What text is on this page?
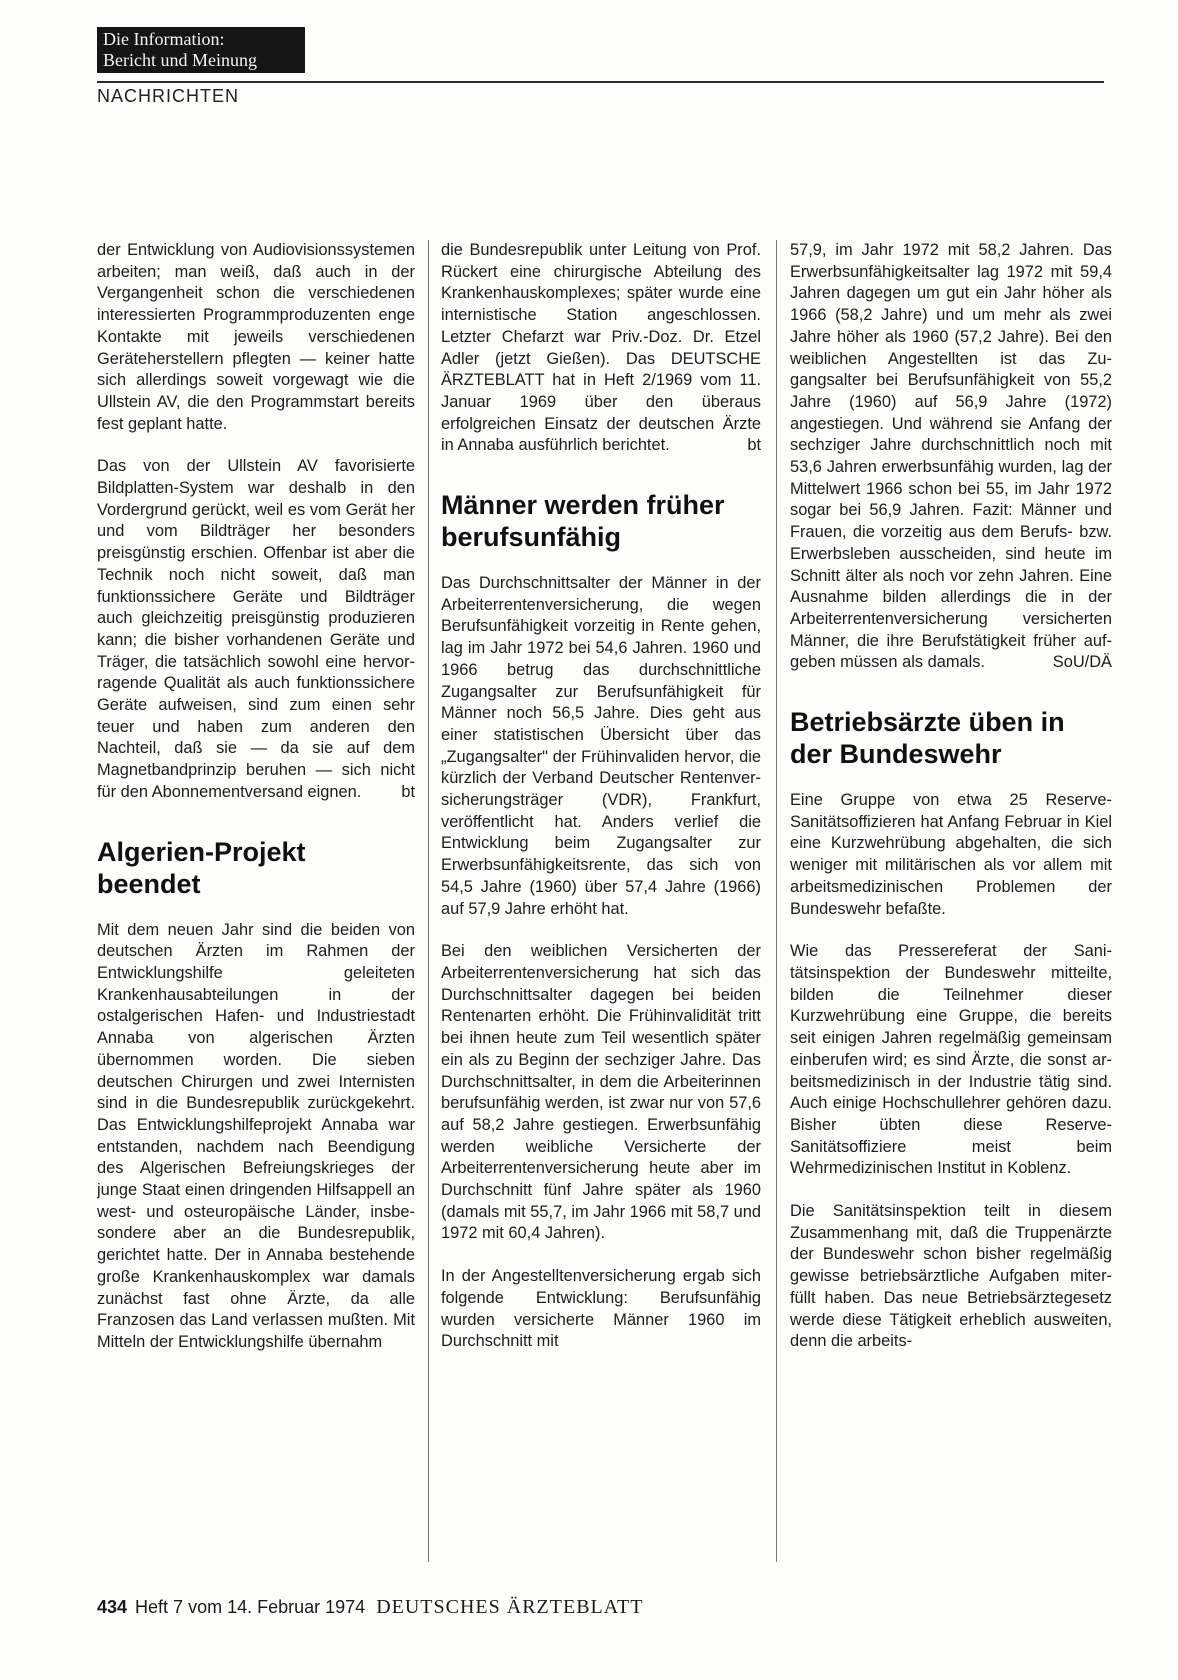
Die Information:
Bericht und Meinung
NACHRICHTEN

der Entwicklung von Audiovisionssystemen arbeiten; man weiß, daß auch in der Vergangenheit schon die verschiedenen interessierten Programmproduzenten enge Kontakte mit jeweils verschiedenen Geräteherstellern pflegten — keiner hatte sich allerdings soweit vorgewagt wie die Ullstein AV, die den Programmstart bereits fest geplant hatte.

Das von der Ullstein AV favorisierte Bildplatten-System war deshalb in den Vordergrund gerückt, weil es vom Gerät her und vom Bildträger her besonders preisgünstig erschien. Offenbar ist aber die Technik noch nicht soweit, daß man funktionssichere Geräte und Bildträger auch gleichzeitig preisgünstig produzieren kann; die bisher vorhandenen Geräte und Träger, die tatsächlich sowohl eine hervorragende Qualität als auch funktionssichere Geräte aufweisen, sind zum einen sehr teuer und haben zum anderen den Nachteil, daß sie — da sie auf dem Magnetbandprinzip beruhen — sich nicht für den Abonnementversand eignen. bt

Algerien-Projekt beendet

Mit dem neuen Jahr sind die beiden von deutschen Ärzten im Rahmen der Entwicklungshilfe geleiteten Krankenhausabteilungen in der ostalgerischen Hafen- und Industriestadt Annaba von algerischen Ärzten übernommen worden. Die sieben deutschen Chirurgen und zwei Internisten sind in die Bundesrepublik zurückgekehrt. Das Entwicklungshilfeprojekt Annaba war entstanden, nachdem nach Beendigung des Algerischen Befreiungskrieges der junge Staat einen dringenden Hilfsappell an west- und osteuropäische Länder, insbesondere aber an die Bundesrepublik, gerichtet hatte. Der in Annaba bestehende große Krankenhauskomplex war damals zunächst fast ohne Ärzte, da alle Franzosen das Land verlassen mußten. Mit Mitteln der Entwicklungshilfe übernahm

die Bundesrepublik unter Leitung von Prof. Rückert eine chirurgische Abteilung des Krankenhauskomplexes; später wurde eine internistische Station angeschlossen. Letzter Chefarzt war Priv.-Doz. Dr. Etzel Adler (jetzt Gießen). Das DEUTSCHE ÄRZTEBLATT hat in Heft 2/1969 vom 11. Januar 1969 über den überaus erfolgreichen Einsatz der deutschen Ärzte in Annaba ausführlich berichtet.	bt

Männer werden früher berufsunfähig

Das Durchschnittsalter der Männer in der Arbeiterrentenversicherung, die wegen Berufsunfähigkeit vorzeitig in Rente gehen, lag im Jahr 1972 bei 54,6 Jahren. 1960 und 1966 betrug das durchschnittliche Zugangsalter zur Berufsunfähigkeit für Männer noch 56,5 Jahre. Dies geht aus einer statistischen Übersicht über das „Zugangsalter" der Frühinvaliden hervor, die kürzlich der Verband Deutscher Rentenversicherungsträger (VDR), Frankfurt, veröffentlicht hat. Anders verlief die Entwicklung beim Zugangsalter zur Erwerbsunfähigkeitsrente, das sich von 54,5 Jahre (1960) über 57,4 Jahre (1966) auf 57,9 Jahre erhöht hat.

Bei den weiblichen Versicherten der Arbeiterrentenversicherung hat sich das Durchschnittsalter dagegen bei beiden Rentenarten erhöht. Die Frühinvalidität tritt bei ihnen heute zum Teil wesentlich später ein als zu Beginn der sechziger Jahre. Das Durchschnittsalter, in dem die Arbeiterinnen berufsunfähig werden, ist zwar nur von 57,6 auf 58,2 Jahre gestiegen. Erwerbsunfähig werden weibliche Versicherte der Arbeiterrentenversicherung heute aber im Durchschnitt fünf Jahre später als 1960 (damals mit 55,7, im Jahr 1966 mit 58,7 und 1972 mit 60,4 Jahren).

In der Angestelltenversicherung ergab sich folgende Entwicklung: Berufsunfähig wurden versicherte Männer 1960 im Durchschnitt mit

57,9, im Jahr 1972 mit 58,2 Jahren. Das Erwerbsunfähigkeitsalter lag 1972 mit 59,4 Jahren dagegen um gut ein Jahr höher als 1966 (58,2 Jahre) und um mehr als zwei Jahre höher als 1960 (57,2 Jahre). Bei den weiblichen Angestellten ist das Zugangsalter bei Berufsunfähigkeit von 55,2 Jahre (1960) auf 56,9 Jahre (1972) angestiegen. Und während sie Anfang der sechziger Jahre durchschnittlich noch mit 53,6 Jahren erwerbsunfähig wurden, lag der Mittelwert 1966 schon bei 55, im Jahr 1972 sogar bei 56,9 Jahren. Fazit: Männer und Frauen, die vorzeitig aus dem Berufs- bzw. Erwerbsleben ausscheiden, sind heute im Schnitt älter als noch vor zehn Jahren. Eine Ausnahme bilden allerdings die in der Arbeiterrentenversicherung versicherten Männer, die ihre Berufstätigkeit früher aufgeben müssen als damals.	SoU/DÄ

Betriebsärzte üben in der Bundeswehr

Eine Gruppe von etwa 25 Reserve-Sanitätsoffizieren hat Anfang Februar in Kiel eine Kurzwehrübung abgehalten, die sich weniger mit militärischen als vor allem mit arbeitsmedizinischen Problemen der Bundeswehr befaßte.

Wie das Pressereferat der Sanitätsinspektion der Bundeswehr mitteilte, bilden die Teilnehmer dieser Kurzwehrübung eine Gruppe, die bereits seit einigen Jahren regelmäßig gemeinsam einberufen wird; es sind Ärzte, die sonst arbeitsmedizinisch in der Industrie tätig sind. Auch einige Hochschullehrer gehören dazu. Bisher übten diese Reserve-Sanitätsoffiziere meist beim Wehrmedizinischen Institut in Koblenz.

Die Sanitätsinspektion teilt in diesem Zusammenhang mit, daß die Truppenärzte der Bundeswehr schon bisher regelmäßig gewisse betriebsärztliche Aufgaben miterfüllt haben. Das neue Betriebsärztegesetz werde diese Tätigkeit erheblich ausweiten, denn die arbeits-

434 Heft 7 vom 14. Februar 1974 DEUTSCHES ÄRZTEBLATT
